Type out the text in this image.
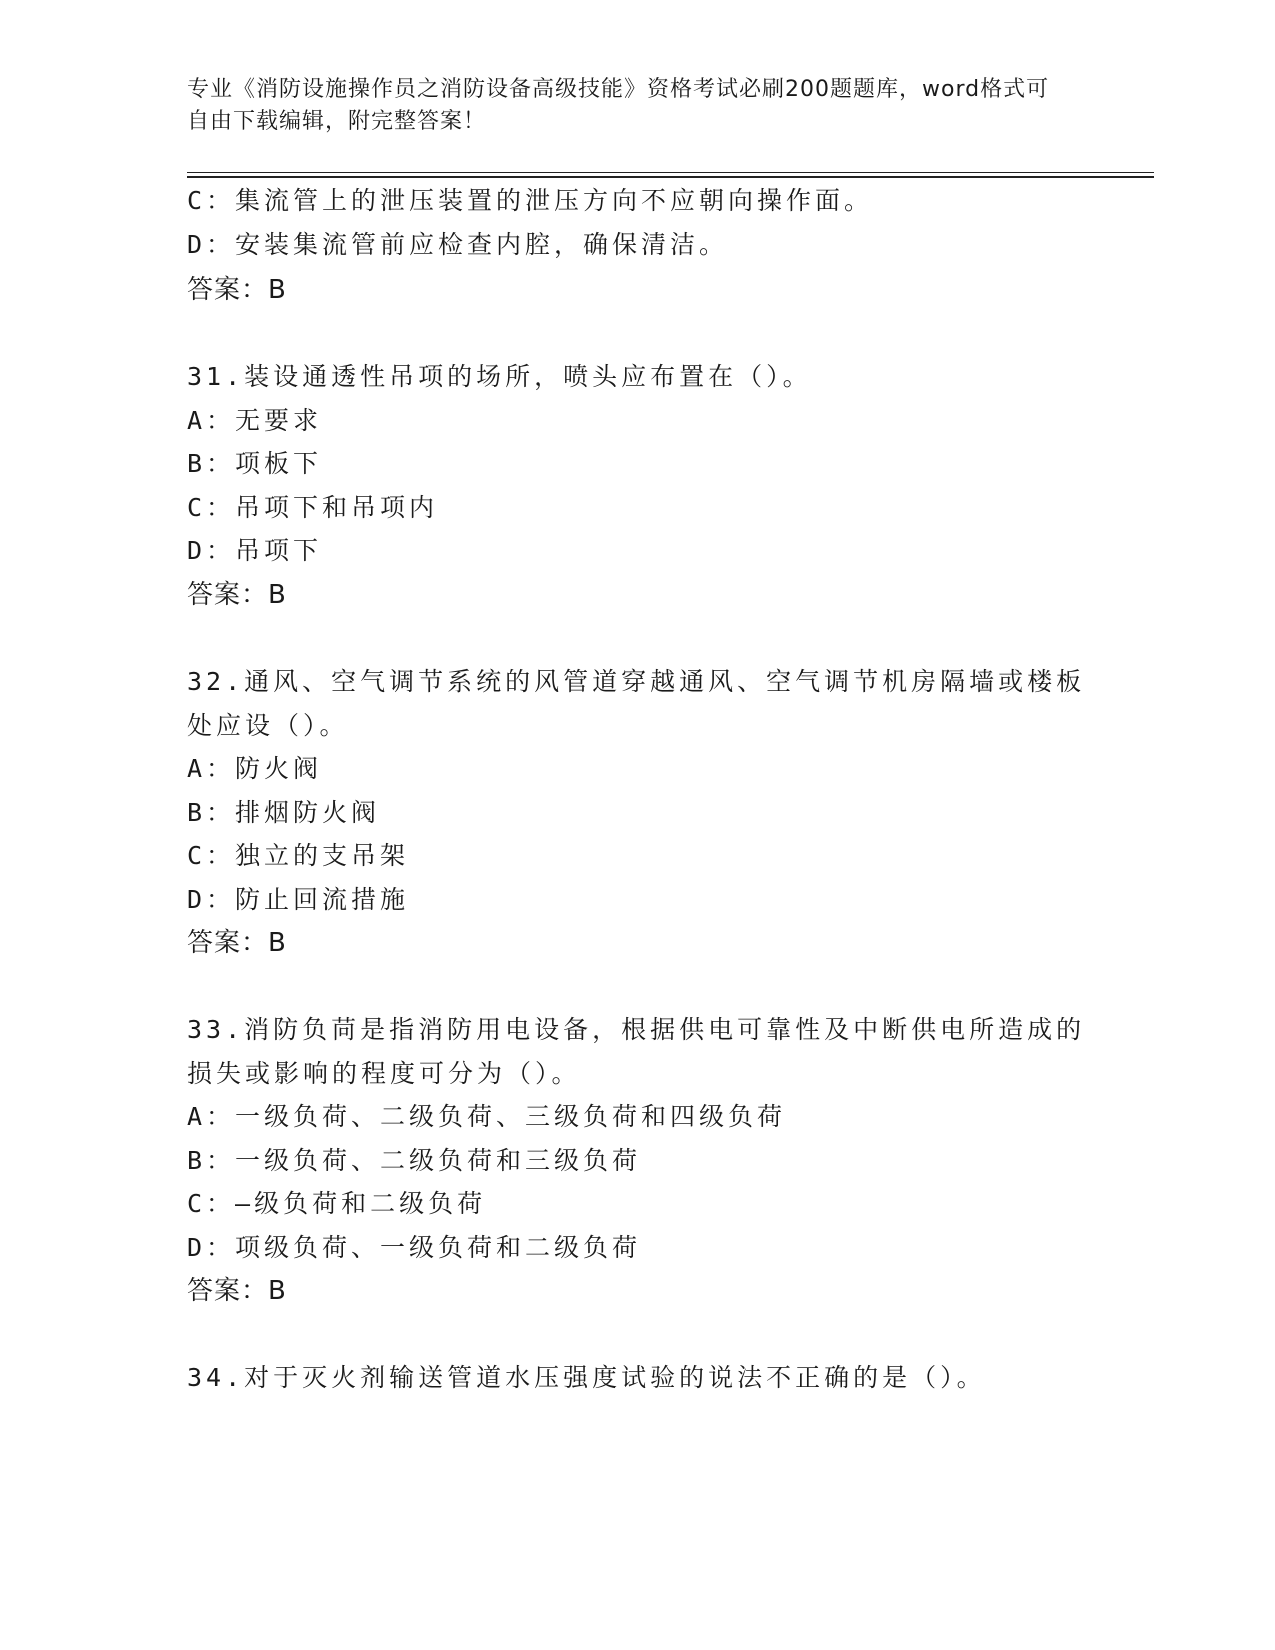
专业《消防设施操作员之消防设备高级技能》资格考试必刷200题题库，word格式可自由下载编辑，附完整答案！
C：集流管上的泄压装置的泄压方向不应朝向操作面。
D：安装集流管前应检查内腔，确保清洁。
答案：B
31.装设通透性吊项的场所，喷头应布置在（）。
A：无要求
B：项板下
C：吊项下和吊项内
D：吊项下
答案：B
32.通风、空气调节系统的风管道穿越通风、空气调节机房隔墙或楼板
处应设（）。
A：防火阀
B：排烟防火阀
C：独立的支吊架
D：防止回流措施
答案：B
33.消防负苘是指消防用电设备，根据供电可靠性及中断供电所造成的
损失或影响的程度可分为（）。
A：一级负荷、二级负荷、三级负荷和四级负荷
B：一级负荷、二级负荷和三级负荷
C：—级负荷和二级负荷
D：项级负荷、一级负荷和二级负荷
答案：B
34.对于灭火剂输送管道水压强度试验的说法不正确的是（）。
